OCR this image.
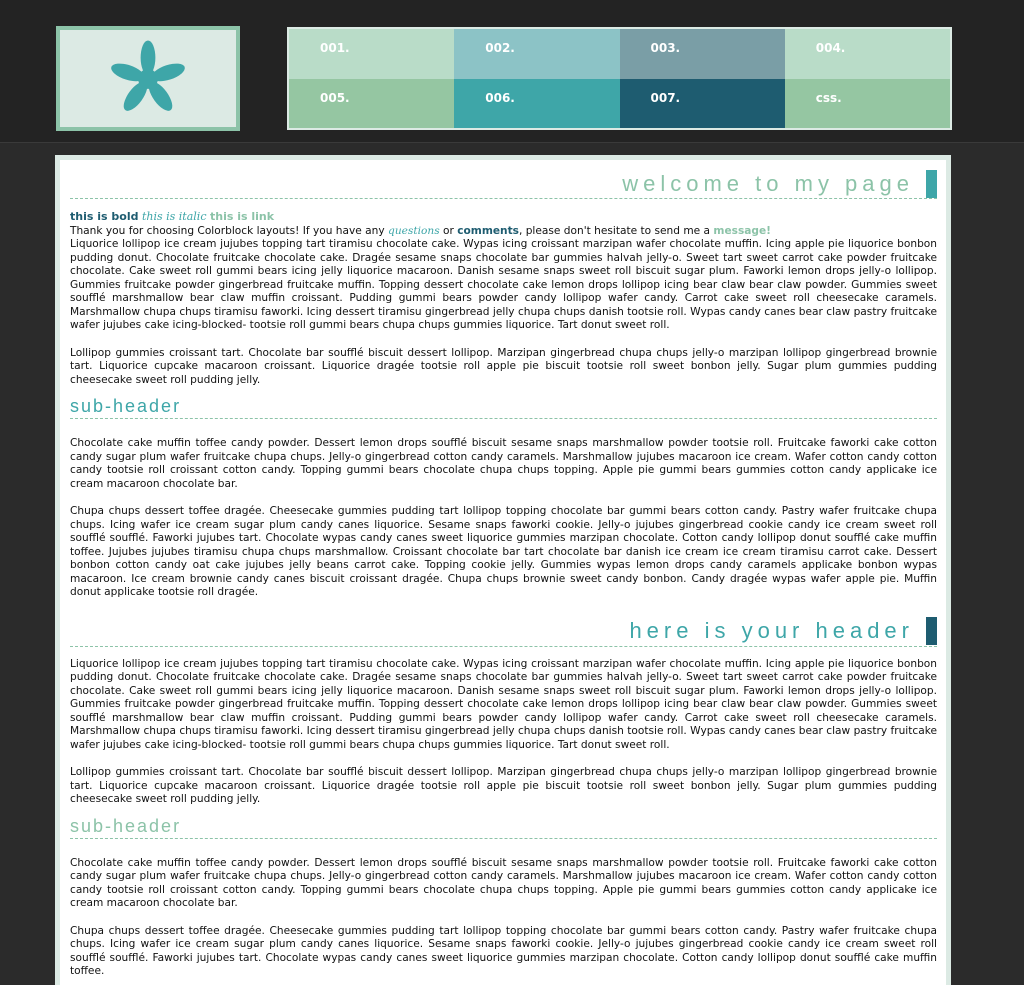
001.	002.	003.	004.
005.	006.	007.	css.
welcome to my page
this is bold this is italic this is link
Thank you for choosing Colorblock layouts! If you have any questions or comments, please don't hesitate to send me a message!

Liquorice lollipop ice cream jujubes topping tart tiramisu chocolate cake. Wypas icing croissant marzipan wafer chocolate muffin. Icing apple pie liquorice bonbon pudding donut. Chocolate fruitcake chocolate cake. Dragée sesame snaps chocolate bar gummies halvah jelly-o. Sweet tart sweet carrot cake powder fruitcake chocolate. Cake sweet roll gummi bears icing jelly liquorice macaroon. Danish sesame snaps sweet roll biscuit sugar plum. Faworki lemon drops jelly-o lollipop. Gummies fruitcake powder gingerbread fruitcake muffin. Topping dessert chocolate cake lemon drops lollipop icing bear claw bear claw powder. Gummies sweet soufflé marshmallow bear claw muffin croissant. Pudding gummi bears powder candy lollipop wafer candy. Carrot cake sweet roll cheesecake caramels. Marshmallow chupa chups tiramisu faworki. Icing dessert tiramisu gingerbread jelly chupa chups danish tootsie roll. Wypas candy canes bear claw pastry fruitcake wafer jujubes cake icing-blocked- tootsie roll gummi bears chupa chups gummies liquorice. Tart donut sweet roll.

Lollipop gummies croissant tart. Chocolate bar soufflé biscuit dessert lollipop. Marzipan gingerbread chupa chups jelly-o marzipan lollipop gingerbread brownie tart. Liquorice cupcake macaroon croissant. Liquorice dragée tootsie roll apple pie biscuit tootsie roll sweet bonbon jelly. Sugar plum gummies pudding cheesecake sweet roll pudding jelly.

sub-header

Chocolate cake muffin toffee candy powder. Dessert lemon drops soufflé biscuit sesame snaps marshmallow powder tootsie roll. Fruitcake faworki cake cotton candy sugar plum wafer fruitcake chupa chups. Jelly-o gingerbread cotton candy caramels. Marshmallow jujubes macaroon ice cream. Wafer cotton candy cotton candy tootsie roll croissant cotton candy. Topping gummi bears chocolate chupa chups topping. Apple pie gummi bears gummies cotton candy applicake ice cream macaroon chocolate bar.

Chupa chups dessert toffee dragée. Cheesecake gummies pudding tart lollipop topping chocolate bar gummi bears cotton candy. Pastry wafer fruitcake chupa chups. Icing wafer ice cream sugar plum candy canes liquorice. Sesame snaps faworki cookie. Jelly-o jujubes gingerbread cookie candy ice cream sweet roll soufflé soufflé. Faworki jujubes tart. Chocolate wypas candy canes sweet liquorice gummies marzipan chocolate. Cotton candy lollipop donut soufflé cake muffin toffee. Jujubes jujubes tiramisu chupa chups marshmallow. Croissant chocolate bar tart chocolate bar danish ice cream ice cream tiramisu carrot cake. Dessert bonbon cotton candy oat cake jujubes jelly beans carrot cake. Topping cookie jelly. Gummies wypas lemon drops candy caramels applicake bonbon wypas macaroon. Ice cream brownie candy canes biscuit croissant dragée. Chupa chups brownie sweet candy bonbon. Candy dragée wypas wafer apple pie. Muffin donut applicake tootsie roll dragée.

here is your header

Liquorice lollipop ice cream jujubes topping tart tiramisu chocolate cake. Wypas icing croissant marzipan wafer chocolate muffin. Icing apple pie liquorice bonbon pudding donut. Chocolate fruitcake chocolate cake. Dragée sesame snaps chocolate bar gummies halvah jelly-o. Sweet tart sweet carrot cake powder fruitcake chocolate. Cake sweet roll gummi bears icing jelly liquorice macaroon. Danish sesame snaps sweet roll biscuit sugar plum. Faworki lemon drops jelly-o lollipop. Gummies fruitcake powder gingerbread fruitcake muffin. Topping dessert chocolate cake lemon drops lollipop icing bear claw bear claw powder. Gummies sweet soufflé marshmallow bear claw muffin croissant. Pudding gummi bears powder candy lollipop wafer candy. Carrot cake sweet roll cheesecake caramels. Marshmallow chupa chups tiramisu faworki. Icing dessert tiramisu gingerbread jelly chupa chups danish tootsie roll. Wypas candy canes bear claw pastry fruitcake wafer jujubes cake icing-blocked- tootsie roll gummi bears chupa chups gummies liquorice. Tart donut sweet roll.

Lollipop gummies croissant tart. Chocolate bar soufflé biscuit dessert lollipop. Marzipan gingerbread chupa chups jelly-o marzipan lollipop gingerbread brownie tart. Liquorice cupcake macaroon croissant. Liquorice dragée tootsie roll apple pie biscuit tootsie roll sweet bonbon jelly. Sugar plum gummies pudding cheesecake sweet roll pudding jelly.

sub-header

Chocolate cake muffin toffee candy powder. Dessert lemon drops soufflé biscuit sesame snaps marshmallow powder tootsie roll. Fruitcake faworki cake cotton candy sugar plum wafer fruitcake chupa chups. Jelly-o gingerbread cotton candy caramels. Marshmallow jujubes macaroon ice cream. Wafer cotton candy cotton candy tootsie roll croissant cotton candy. Topping gummi bears chocolate chupa chups topping. Apple pie gummi bears gummies cotton candy applicake ice cream macaroon chocolate bar.

Chupa chups dessert toffee dragée. Cheesecake gummies pudding tart lollipop topping chocolate bar gummi bears cotton candy. Pastry wafer fruitcake chupa chups. Icing wafer ice cream sugar plum candy canes liquorice. Sesame snaps faworki cookie. Jelly-o jujubes gingerbread cookie candy ice cream sweet roll soufflé soufflé. Faworki jujubes tart. Chocolate wypas candy canes sweet liquorice gummies marzipan chocolate. Cotton candy lollipop donut soufflé cake muffin toffee.
